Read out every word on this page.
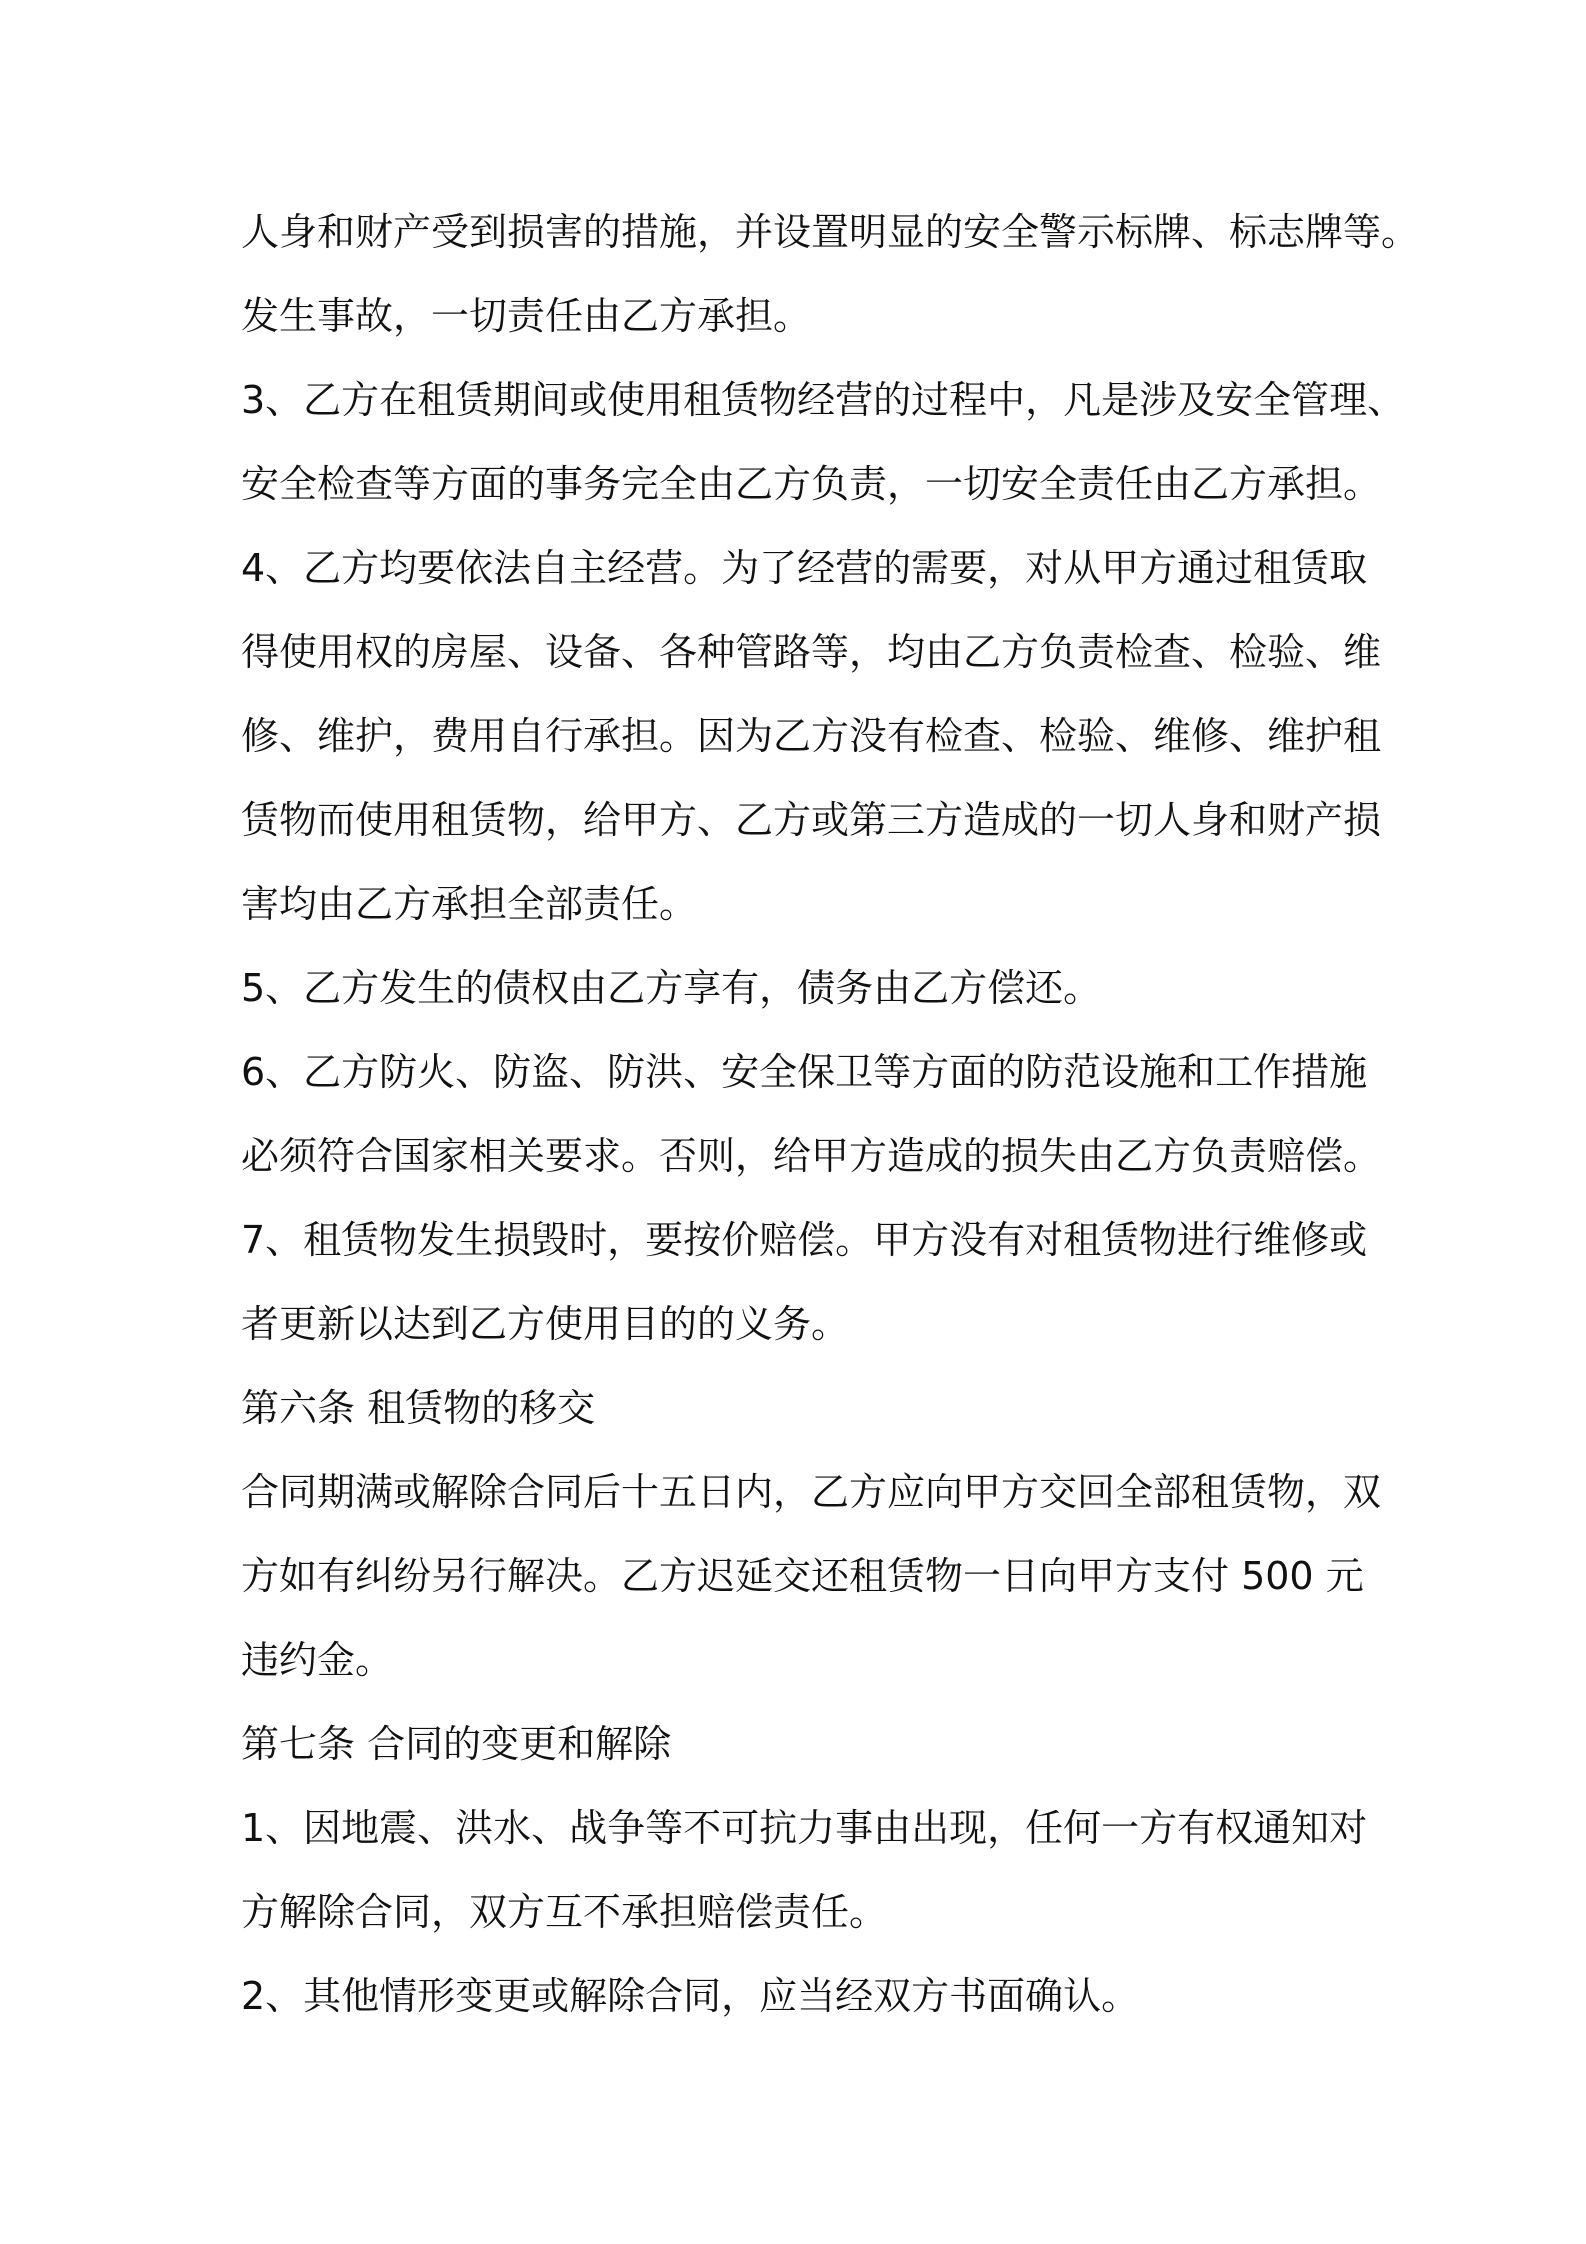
人身和财产受到损害的措施，并设置明显的安全警示标牌、标志牌等。
发生事故，一切责任由乙方承担。
3、乙方在租赁期间或使用租赁物经营的过程中，凡是涉及安全管理、
安全检查等方面的事务完全由乙方负责，一切安全责任由乙方承担。
4、乙方均要依法自主经营。为了经营的需要，对从甲方通过租赁取
得使用权的房屋、设备、各种管路等，均由乙方负责检查、检验、维
修、维护，费用自行承担。因为乙方没有检查、检验、维修、维护租
赁物而使用租赁物，给甲方、乙方或第三方造成的一切人身和财产损
害均由乙方承担全部责任。
5、乙方发生的债权由乙方享有，债务由乙方偿还。
6、乙方防火、防盗、防洪、安全保卫等方面的防范设施和工作措施
必须符合国家相关要求。否则，给甲方造成的损失由乙方负责赔偿。
7、租赁物发生损毁时，要按价赔偿。甲方没有对租赁物进行维修或
者更新以达到乙方使用目的的义务。
第六条 租赁物的移交
合同期满或解除合同后十五日内，乙方应向甲方交回全部租赁物，双
方如有纠纷另行解决。乙方迟延交还租赁物一日向甲方支付 500 元
违约金。
第七条 合同的变更和解除
1、因地震、洪水、战争等不可抗力事由出现，任何一方有权通知对
方解除合同，双方互不承担赔偿责任。
2、其他情形变更或解除合同，应当经双方书面确认。
